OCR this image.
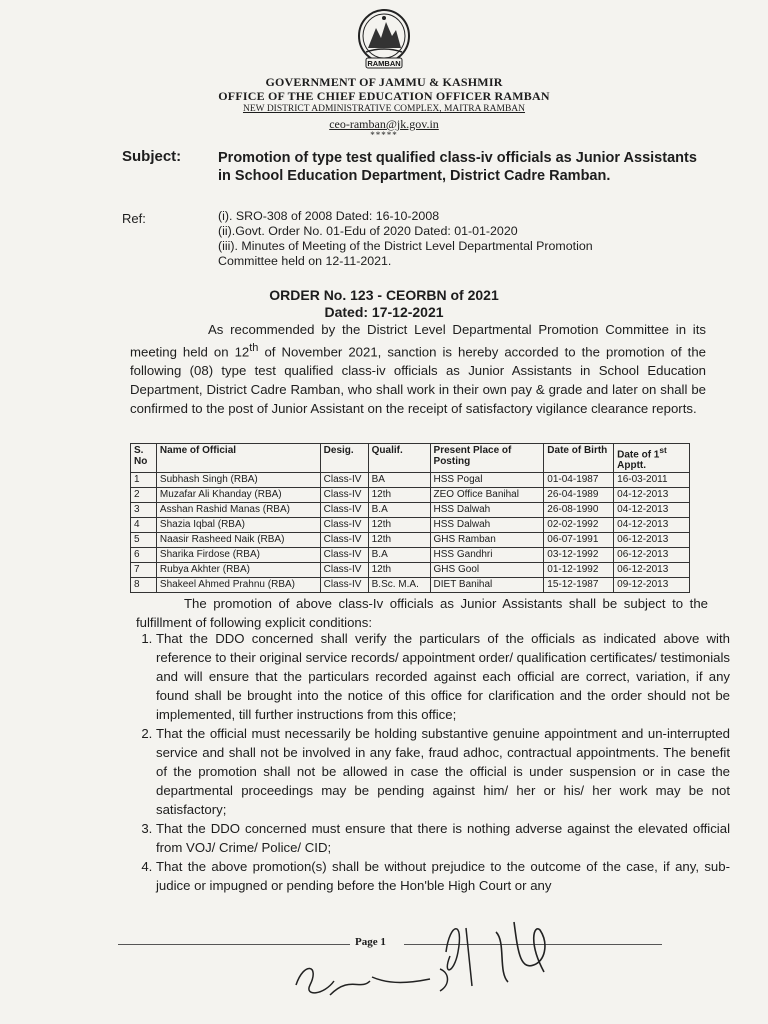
RAMBAN
GOVERNMENT OF JAMMU & KASHMIR
OFFICE OF THE CHIEF EDUCATION OFFICER RAMBAN
NEW DISTRICT ADMINISTRATIVE COMPLEX, MAITRA RAMBAN
ceo-ramban@jk.gov.in
*****
Subject:	Promotion of type test qualified class-iv officials as Junior Assistants in School Education Department, District Cadre Ramban.
Ref:	(i). SRO-308 of 2008 Dated: 16-10-2008
(ii).Govt. Order No. 01-Edu of 2020 Dated: 01-01-2020
(iii). Minutes of Meeting of the District Level Departmental Promotion
Committee held on 12-11-2021.
ORDER No. 123 - CEORBN of 2021
Dated: 17-12-2021

As recommended by the District Level Departmental Promotion Committee in its meeting held on 12th of November 2021, sanction is hereby accorded to the promotion of the following (08) type test qualified class-iv officials as Junior Assistants in School Education Department, District Cadre Ramban, who shall work in their own pay & grade and later on shall be confirmed to the post of Junior Assistant on the receipt of satisfactory vigilance clearance reports.

S. No	Name of Official	Desig.	Qualif.	Present Place of Posting	Date of Birth	Date of 1st Apptt.
1	Subhash Singh (RBA)	Class-IV	BA	HSS Pogal	01-04-1987	16-03-2011
2	Muzafar Ali Khanday (RBA)	Class-IV	12th	ZEO Office Banihal	26-04-1989	04-12-2013
3	Asshan Rashid Manas (RBA)	Class-IV	B.A	HSS Dalwah	26-08-1990	04-12-2013
4	Shazia Iqbal (RBA)	Class-IV	12th	HSS Dalwah	02-02-1992	04-12-2013
5	Naasir Rasheed Naik (RBA)	Class-IV	12th	GHS Ramban	06-07-1991	06-12-2013
6	Sharika Firdose (RBA)	Class-IV	B.A	HSS Gandhri	03-12-1992	06-12-2013
7	Rubya Akhter (RBA)	Class-IV	12th	GHS Gool	01-12-1992	06-12-2013
8	Shakeel Ahmed Prahnu (RBA)	Class-IV	B.Sc. M.A.	DIET Banihal	15-12-1987	09-12-2013

The promotion of above class-Iv officials as Junior Assistants shall be subject to the fulfillment of following explicit conditions:

1. That the DDO concerned shall verify the particulars of the officials as indicated above with reference to their original service records/ appointment order/ qualification certificates/ testimonials and will ensure that the particulars recorded against each official are correct, variation, if any found shall be brought into the notice of this office for clarification and the order should not be implemented, till further instructions from this office;
2. That the official must necessarily be holding substantive genuine appointment and un-interrupted service and shall not be involved in any fake, fraud adhoc, contractual appointments. The benefit of the promotion shall not be allowed in case the official is under suspension or in case the departmental proceedings may be pending against him/ her or his/ her work may be not satisfactory;
3. That the DDO concerned must ensure that there is nothing adverse against the elevated official from VOJ/ Crime/ Police/ CID;
4. That the above promotion(s) shall be without prejudice to the outcome of the case, if any, sub-judice or impugned or pending before the Hon'ble High Court or any
Page 1
